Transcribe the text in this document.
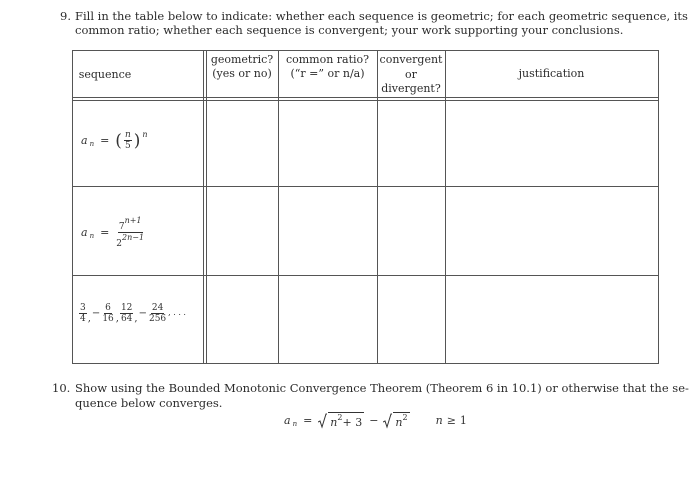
9. Fill in the table below to indicate: whether each sequence is geometric; for each geometric sequence, its
common ratio; whether each sequence is convergent; your work supporting your conclusions.
sequence
geometric?
(yes or no)
common ratio?
(“r =” or n/a)
convergent
or
divergent?
justification
a n = ( $\frac{n}{5}$ ) n
a $n = \frac{7n+1}{22n-1}$
$\frac{3}{4}$ , − $\frac{6}{16}$ , $\frac{12}{64}$ , − $\frac{24}{256}$ , . . .
10. Show using the Bounded Monotonic Convergence Theorem (Theorem 6 in 10.1) or otherwise that the se-
quence below converges.
a $n = n^2+ 3 - n^2$	n ≥ 1
